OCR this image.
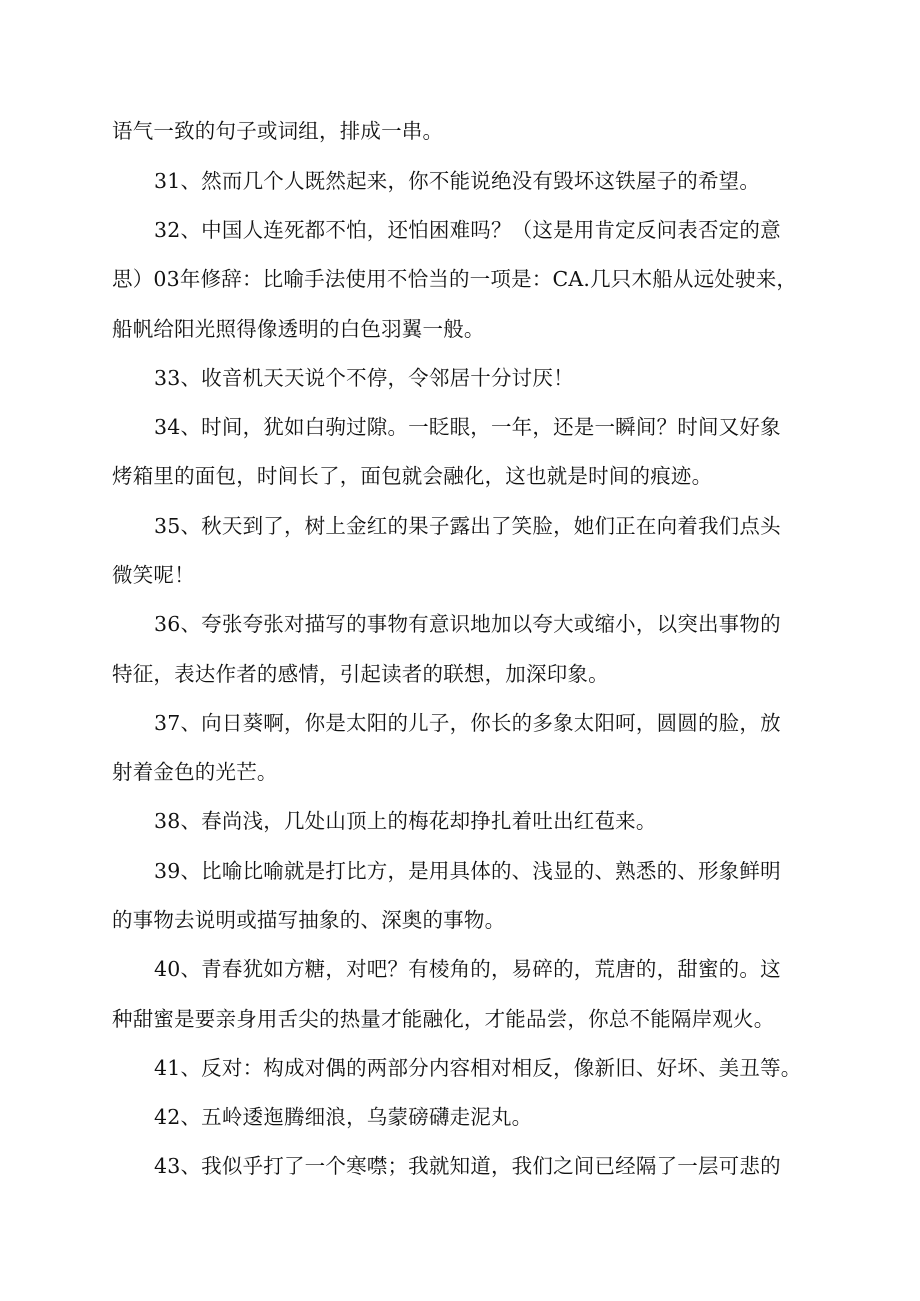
语气一致的句子或词组，排成一串。
31、然而几个人既然起来，你不能说绝没有毁坏这铁屋子的希望。
32、中国人连死都不怕，还怕困难吗？（这是用肯定反问表否定的意
思）03年修辞：比喻手法使用不恰当的一项是：CA.几只木船从远处驶来，
船帆给阳光照得像透明的白色羽翼一般。
33、收音机天天说个不停，令邻居十分讨厌！
34、时间，犹如白驹过隙。一眨眼，一年，还是一瞬间？时间又好象
烤箱里的面包，时间长了，面包就会融化，这也就是时间的痕迹。
35、秋天到了，树上金红的果子露出了笑脸，她们正在向着我们点头
微笑呢！
36、夸张夸张对描写的事物有意识地加以夸大或缩小，以突出事物的
特征，表达作者的感情，引起读者的联想，加深印象。
37、向日葵啊，你是太阳的儿子，你长的多象太阳呵，圆圆的脸，放
射着金色的光芒。
38、春尚浅，几处山顶上的梅花却挣扎着吐出红苞来。
39、比喻比喻就是打比方，是用具体的、浅显的、熟悉的、形象鲜明
的事物去说明或描写抽象的、深奥的事物。
40、青春犹如方糖，对吧？有棱角的，易碎的，荒唐的，甜蜜的。这
种甜蜜是要亲身用舌尖的热量才能融化，才能品尝，你总不能隔岸观火。
41、反对：构成对偶的两部分内容相对相反，像新旧、好坏、美丑等。
42、五岭逶迤腾细浪，乌蒙磅礴走泥丸。
43、我似乎打了一个寒噤；我就知道，我们之间已经隔了一层可悲的
